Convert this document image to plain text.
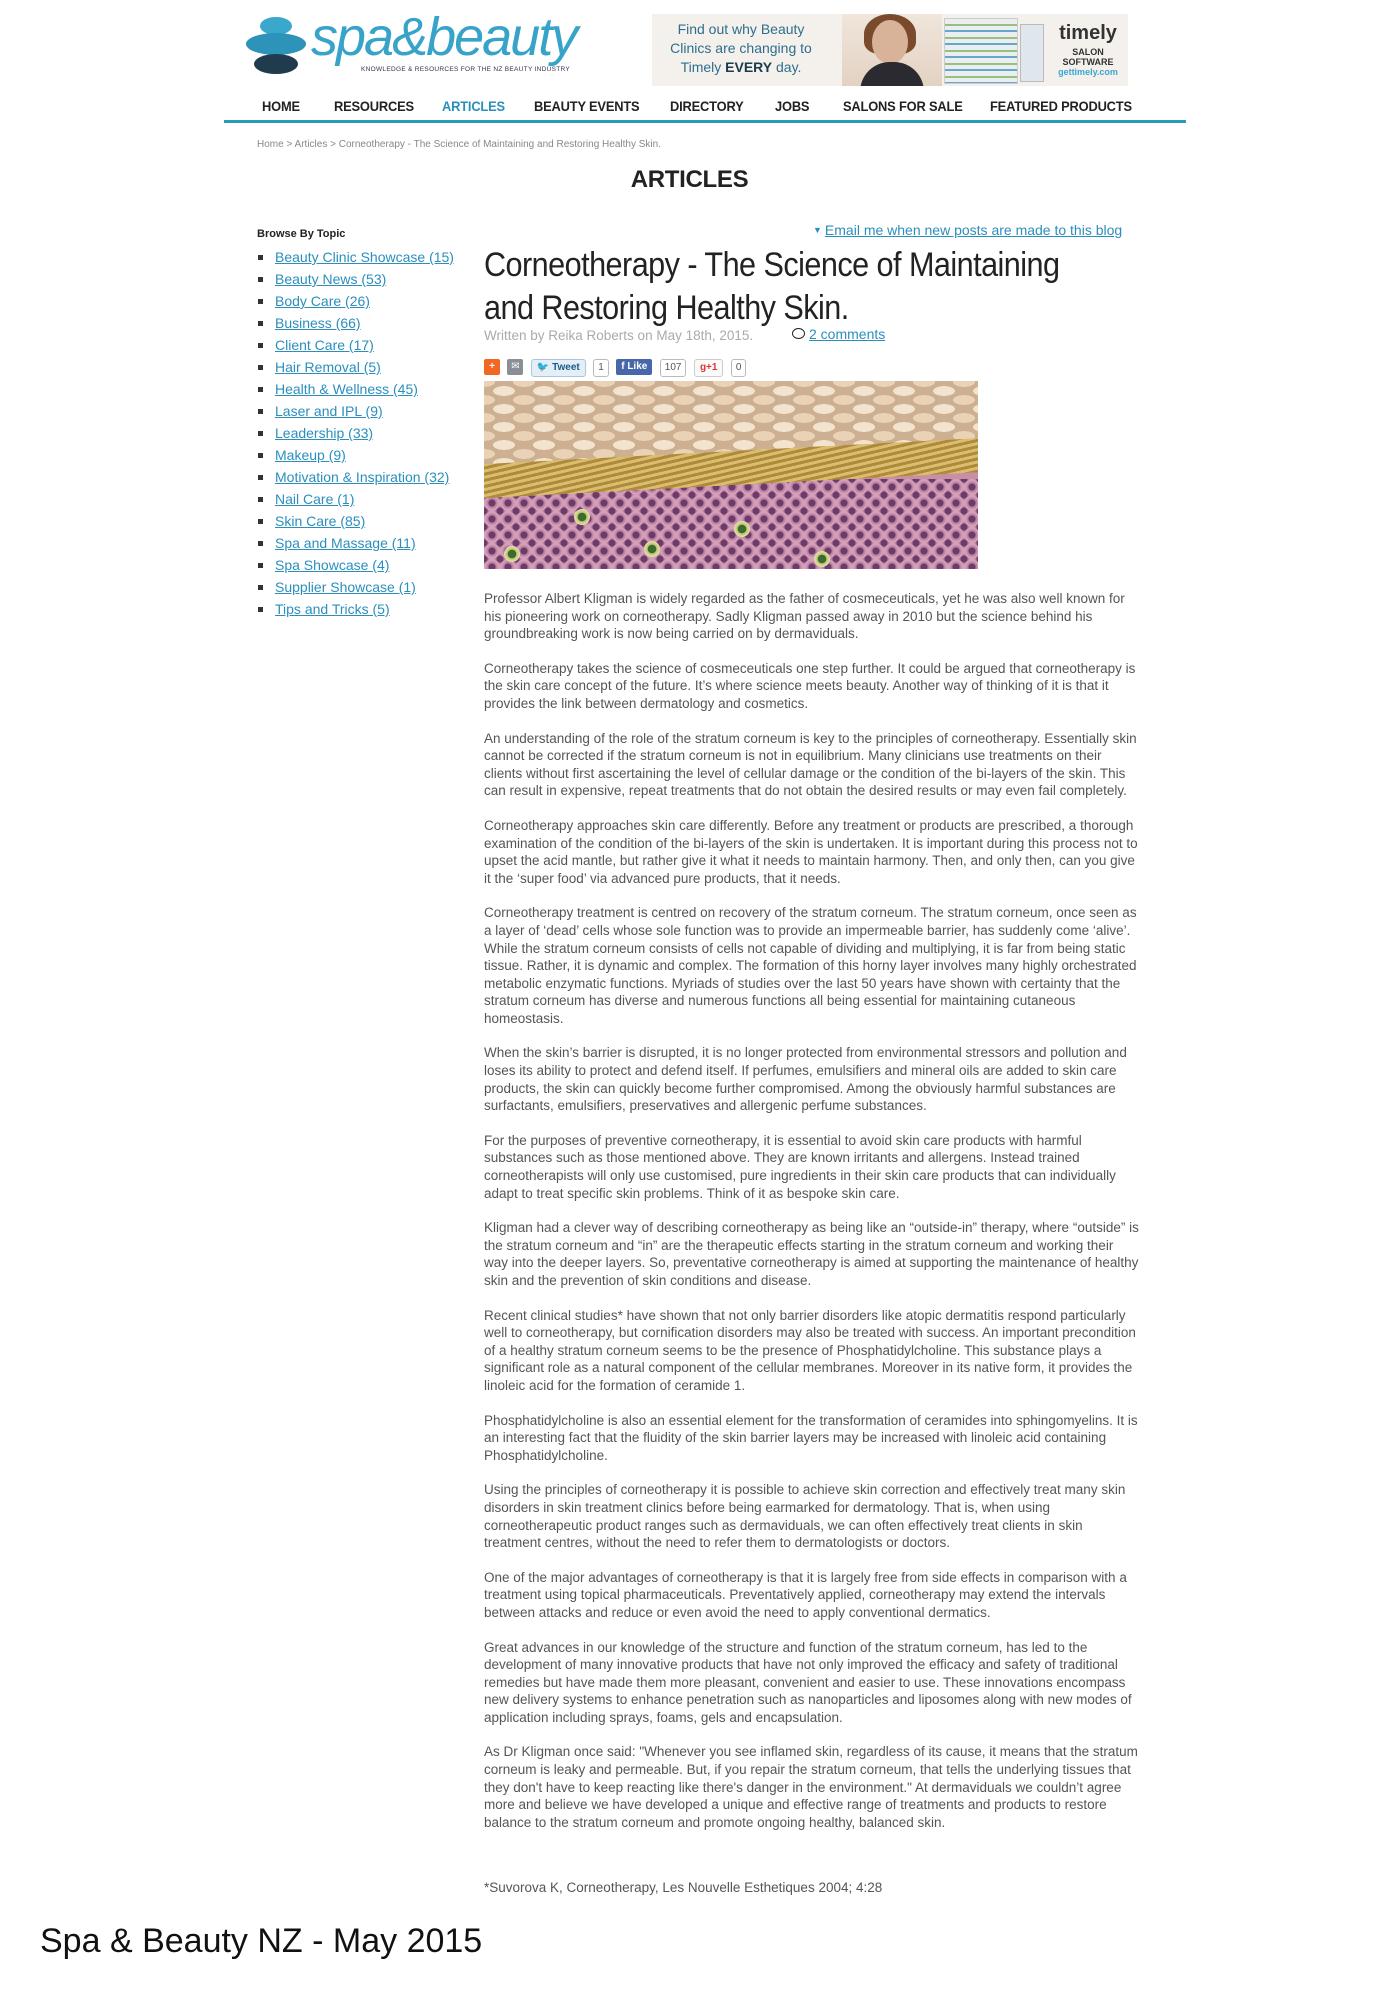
spa&beauty
KNOWLEDGE & RESOURCES FOR THE NZ BEAUTY INDUSTRY
Find out why Beauty
Clinics are changing to
Timely EVERY day.
timely
SALON SOFTWARE
gettimely.com
HOME RESOURCES ARTICLES BEAUTY EVENTS DIRECTORY JOBS SALONS FOR SALE FEATURED PRODUCTS
Home > Articles > Corneotherapy - The Science of Maintaining and Restoring Healthy Skin.
ARTICLES
Browse By Topic
Beauty Clinic Showcase (15)
Beauty News (53)
Body Care (26)
Business (66)
Client Care (17)
Hair Removal (5)
Health & Wellness (45)
Laser and IPL (9)
Leadership (33)
Makeup (9)
Motivation & Inspiration (32)
Nail Care (1)
Skin Care (85)
Spa and Massage (11)
Spa Showcase (4)
Supplier Showcase (1)
Tips and Tricks (5)
▼ Email me when new posts are made to this blog
Corneotherapy - The Science of Maintaining and Restoring Healthy Skin.
Written by Reika Roberts on May 18th, 2015.	2 comments
+ ✉ 🐦 Tweet 1 f Like 107 g+1 0

Professor Albert Kligman is widely regarded as the father of cosmeceuticals, yet he was also well known for his pioneering work on corneotherapy. Sadly Kligman passed away in 2010 but the science behind his groundbreaking work is now being carried on by dermaviduals.

Corneotherapy takes the science of cosmeceuticals one step further. It could be argued that corneotherapy is the skin care concept of the future. It’s where science meets beauty. Another way of thinking of it is that it provides the link between dermatology and cosmetics.

An understanding of the role of the stratum corneum is key to the principles of corneotherapy. Essentially skin cannot be corrected if the stratum corneum is not in equilibrium. Many clinicians use treatments on their clients without first ascertaining the level of cellular damage or the condition of the bi-layers of the skin. This can result in expensive, repeat treatments that do not obtain the desired results or may even fail completely.

Corneotherapy approaches skin care differently. Before any treatment or products are prescribed, a thorough examination of the condition of the bi-layers of the skin is undertaken. It is important during this process not to upset the acid mantle, but rather give it what it needs to maintain harmony. Then, and only then, can you give it the ‘super food’ via advanced pure products, that it needs.

Corneotherapy treatment is centred on recovery of the stratum corneum. The stratum corneum, once seen as a layer of ‘dead’ cells whose sole function was to provide an impermeable barrier, has suddenly come ‘alive’. While the stratum corneum consists of cells not capable of dividing and multiplying, it is far from being static tissue. Rather, it is dynamic and complex. The formation of this horny layer involves many highly orchestrated metabolic enzymatic functions. Myriads of studies over the last 50 years have shown with certainty that the stratum corneum has diverse and numerous functions all being essential for maintaining cutaneous homeostasis.

When the skin’s barrier is disrupted, it is no longer protected from environmental stressors and pollution and loses its ability to protect and defend itself. If perfumes, emulsifiers and mineral oils are added to skin care products, the skin can quickly become further compromised. Among the obviously harmful substances are surfactants, emulsifiers, preservatives and allergenic perfume substances.

For the purposes of preventive corneotherapy, it is essential to avoid skin care products with harmful substances such as those mentioned above. They are known irritants and allergens. Instead trained corneotherapists will only use customised, pure ingredients in their skin care products that can individually adapt to treat specific skin problems. Think of it as bespoke skin care.

Kligman had a clever way of describing corneotherapy as being like an “outside-in” therapy, where “outside” is the stratum corneum and “in” are the therapeutic effects starting in the stratum corneum and working their way into the deeper layers. So, preventative corneotherapy is aimed at supporting the maintenance of healthy skin and the prevention of skin conditions and disease.

Recent clinical studies* have shown that not only barrier disorders like atopic dermatitis respond particularly well to corneotherapy, but cornification disorders may also be treated with success. An important precondition of a healthy stratum corneum seems to be the presence of Phosphatidylcholine. This substance plays a significant role as a natural component of the cellular membranes. Moreover in its native form, it provides the linoleic acid for the formation of ceramide 1.

Phosphatidylcholine is also an essential element for the transformation of ceramides into sphingomyelins. It is an interesting fact that the fluidity of the skin barrier layers may be increased with linoleic acid containing Phosphatidylcholine.

Using the principles of corneotherapy it is possible to achieve skin correction and effectively treat many skin disorders in skin treatment clinics before being earmarked for dermatology. That is, when using corneotherapeutic product ranges such as dermaviduals, we can often effectively treat clients in skin treatment centres, without the need to refer them to dermatologists or doctors.

One of the major advantages of corneotherapy is that it is largely free from side effects in comparison with a treatment using topical pharmaceuticals. Preventatively applied, corneotherapy may extend the intervals between attacks and reduce or even avoid the need to apply conventional dermatics.

Great advances in our knowledge of the structure and function of the stratum corneum, has led to the development of many innovative products that have not only improved the efficacy and safety of traditional remedies but have made them more pleasant, convenient and easier to use. These innovations encompass new delivery systems to enhance penetration such as nanoparticles and liposomes along with new modes of application including sprays, foams, gels and encapsulation.

As Dr Kligman once said: "Whenever you see inflamed skin, regardless of its cause, it means that the stratum corneum is leaky and permeable. But, if you repair the stratum corneum, that tells the underlying tissues that they don't have to keep reacting like there's danger in the environment." At dermaviduals we couldn’t agree more and believe we have developed a unique and effective range of treatments and products to restore balance to the stratum corneum and promote ongoing healthy, balanced skin.

*Suvorova K, Corneotherapy, Les Nouvelle Esthetiques 2004; 4:28
Spa & Beauty NZ - May 2015
